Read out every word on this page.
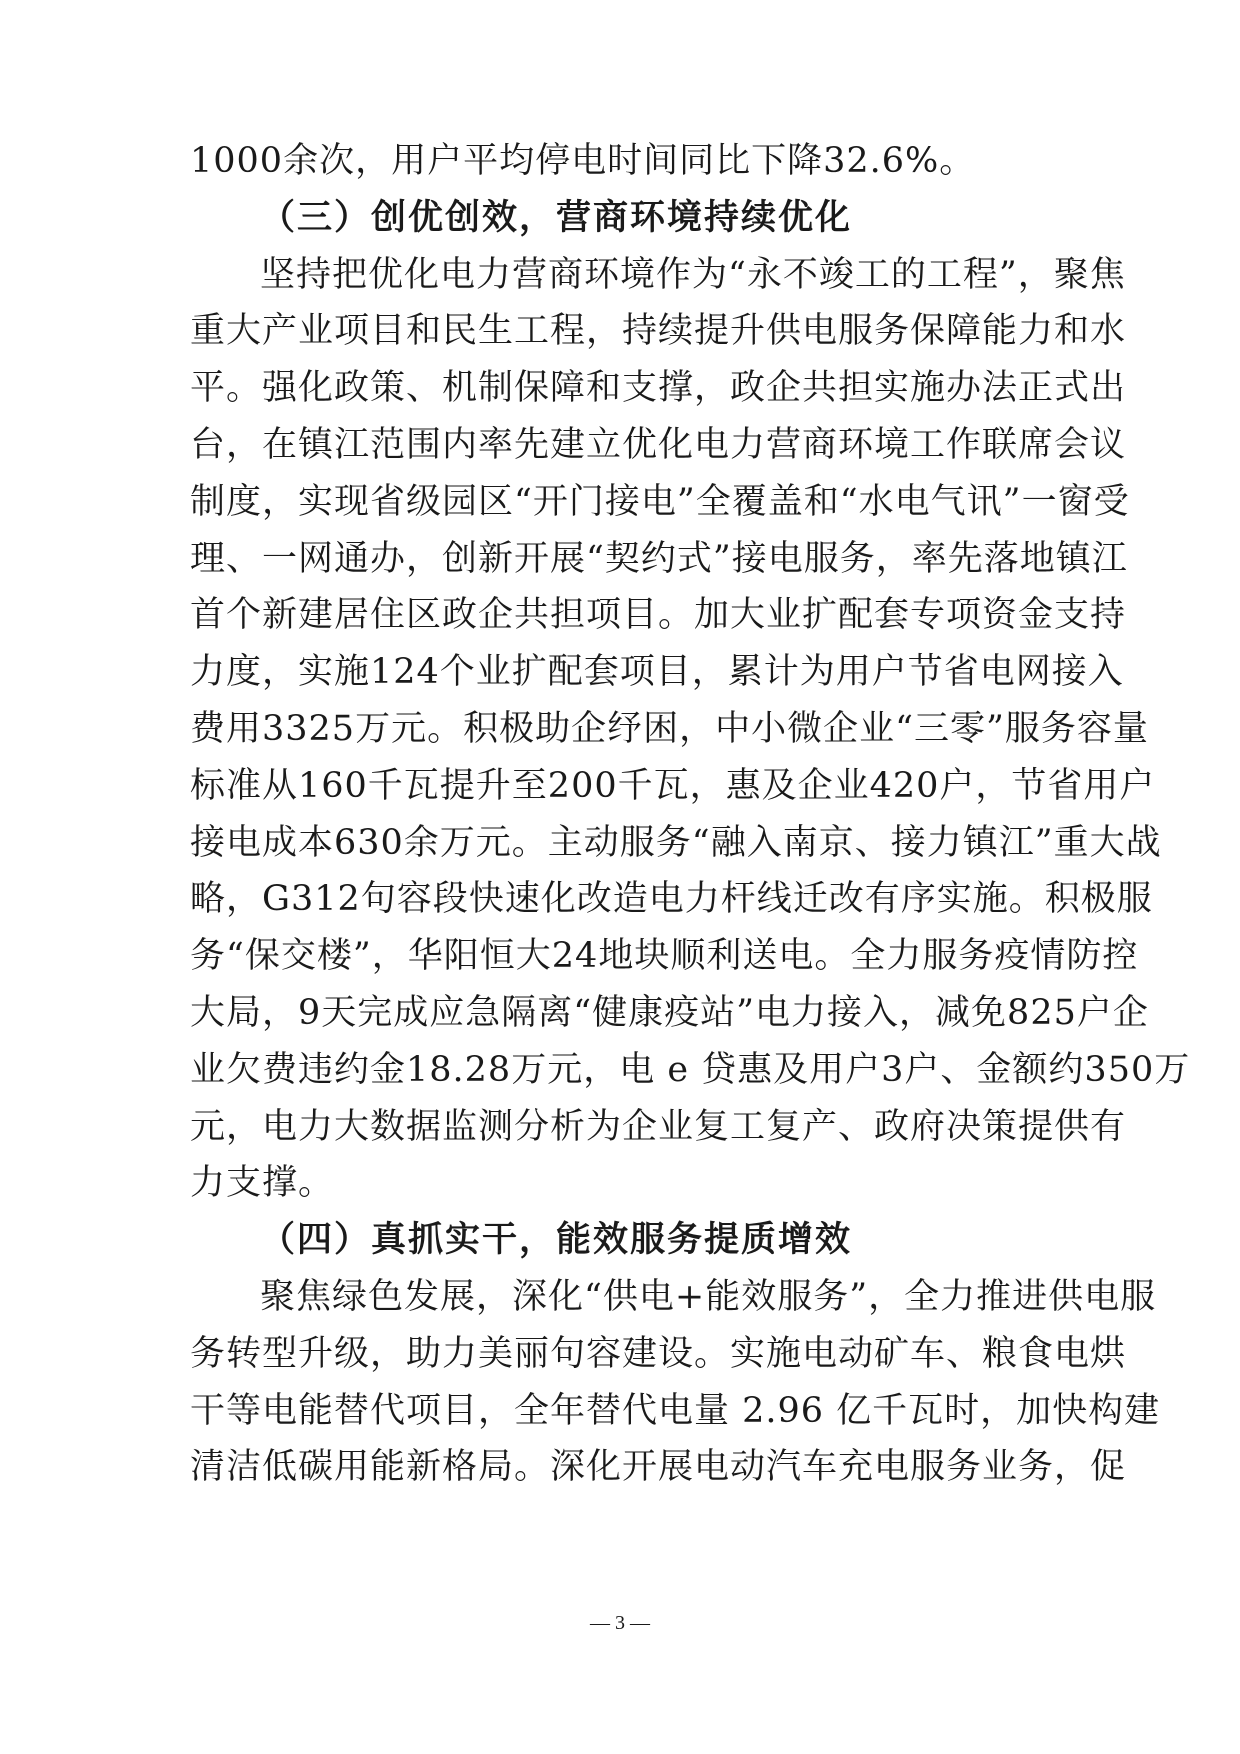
1000余次，用户平均停电时间同比下降32.6%。
（三）创优创效，营商环境持续优化
坚持把优化电力营商环境作为“永不竣工的工程”，聚焦
重大产业项目和民生工程，持续提升供电服务保障能力和水
平。强化政策、机制保障和支撑，政企共担实施办法正式出
台，在镇江范围内率先建立优化电力营商环境工作联席会议
制度，实现省级园区“开门接电”全覆盖和“水电气讯”一窗受
理、一网通办，创新开展“契约式”接电服务，率先落地镇江
首个新建居住区政企共担项目。加大业扩配套专项资金支持
力度，实施124个业扩配套项目，累计为用户节省电网接入
费用3325万元。积极助企纾困，中小微企业“三零”服务容量
标准从160千瓦提升至200千瓦，惠及企业420户，节省用户
接电成本630余万元。主动服务“融入南京、接力镇江”重大战
略，G312句容段快速化改造电力杆线迁改有序实施。积极服
务“保交楼”，华阳恒大24地块顺利送电。全力服务疫情防控
大局，9天完成应急隔离“健康疫站”电力接入，减免825户企
业欠费违约金18.28万元，电 e 贷惠及用户3户、金额约350万
元，电力大数据监测分析为企业复工复产、政府决策提供有
力支撑。
（四）真抓实干，能效服务提质增效
聚焦绿色发展，深化“供电+能效服务”，全力推进供电服
务转型升级，助力美丽句容建设。实施电动矿车、粮食电烘
干等电能替代项目，全年替代电量 2.96 亿千瓦时，加快构建
清洁低碳用能新格局。深化开展电动汽车充电服务业务，促
— 3 —
